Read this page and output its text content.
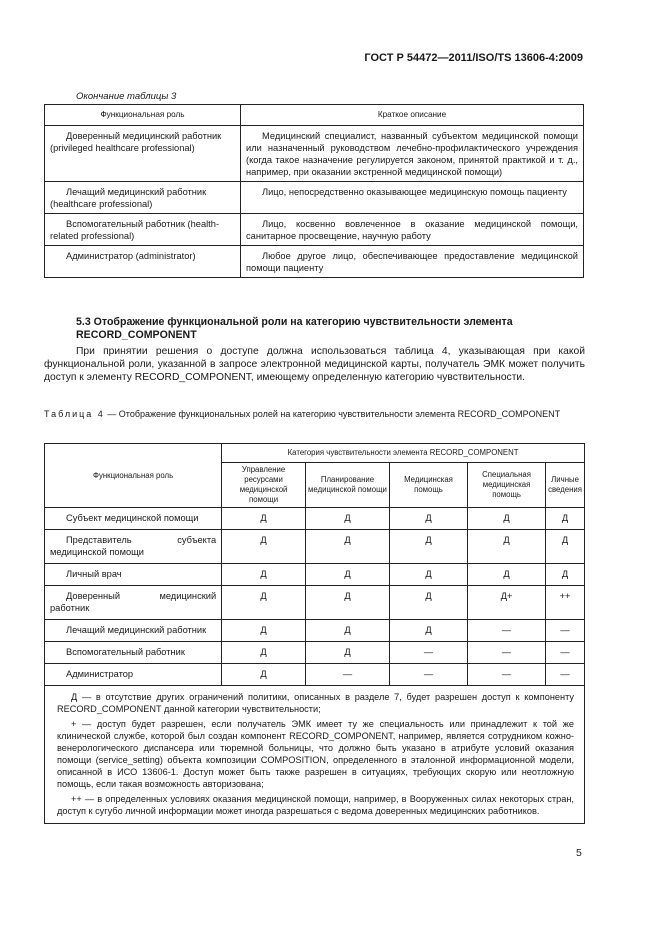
ГОСТ Р 54472—2011/ISO/TS 13606-4:2009
Окончание таблицы 3
Функциональная роль	Краткое описание
Доверенный медицинский работник (privileged healthcare professional)	Медицинский специалист, названный субъектом медицинской помощи или назначенный руководством лечебно-профилактического учреждения (когда такое назначение регулируется законом, принятой практикой и т. д., например, при оказании экстренной медицинской помощи)
Лечащий медицинский работник (healthcare professional)	Лицо, непосредственно оказывающее медицинскую помощь пациенту
Вспомогательный работник (health-related professional)	Лицо, косвенно вовлеченное в оказание медицинской помощи, санитарное просвещение, научную работу
Администратор (administrator)	Любое другое лицо, обеспечивающее предоставление медицинской помощи пациенту
5.3 Отображение функциональной роли на категорию чувствительности элемента RECORD_COMPONENT
При принятии решения о доступе должна использоваться таблица 4, указывающая при какой функциональной роли, указанной в запросе электронной медицинской карты, получатель ЭМК может получить доступ к элементу RECORD_COMPONENT, имеющему определенную категорию чувствительности.
Таблица 4 — Отображение функциональных ролей на категорию чувствительности элемента RECORD_COMPONENT
Функциональная роль	Категория чувствительности элемента RECORD_COMPONENT				
	Управление ресурсами медицинской помощи	Планирование медицинской помощи	Медицинская помощь	Специальная медицинская помощь	Личные сведения
Субъект медицинской помощи	Д	Д	Д	Д	Д
Представитель субъекта медицинской помощи	Д	Д	Д	Д	Д
Личный врач	Д	Д	Д	Д	Д
Доверенный медицинский работник	Д	Д	Д	Д+	++
Лечащий медицинский работник	Д	Д	Д	—	—
Вспомогательный работник	Д	Д	—	—	—
Администратор	Д	—	—	—	—

Д — в отсутствие других ограничений политики, описанных в разделе 7, будет разрешен доступ к компоненту RECORD_COMPONENT данной категории чувствительности;

+ — доступ будет разрешен, если получатель ЭМК имеет ту же специальность или принадлежит к той же клинической службе, которой был создан компонент RECORD_COMPONENT, например, является сотрудником кожно-венерологического диспансера или тюремной больницы, что должно быть указано в атрибуте условий оказания помощи (service_setting) объекта композиции COMPOSITION, определенного в эталонной информационной модели, описанной в ИСО 13606-1. Доступ может быть также разрешен в ситуациях, требующих скорую или неотложную помощь, если такая возможность авторизована;

++ — в определенных условиях оказания медицинской помощи, например, в Вооруженных силах некоторых стран, доступ к сугубо личной информации может иногда разрешаться с ведома доверенных медицинских работников.					

5
